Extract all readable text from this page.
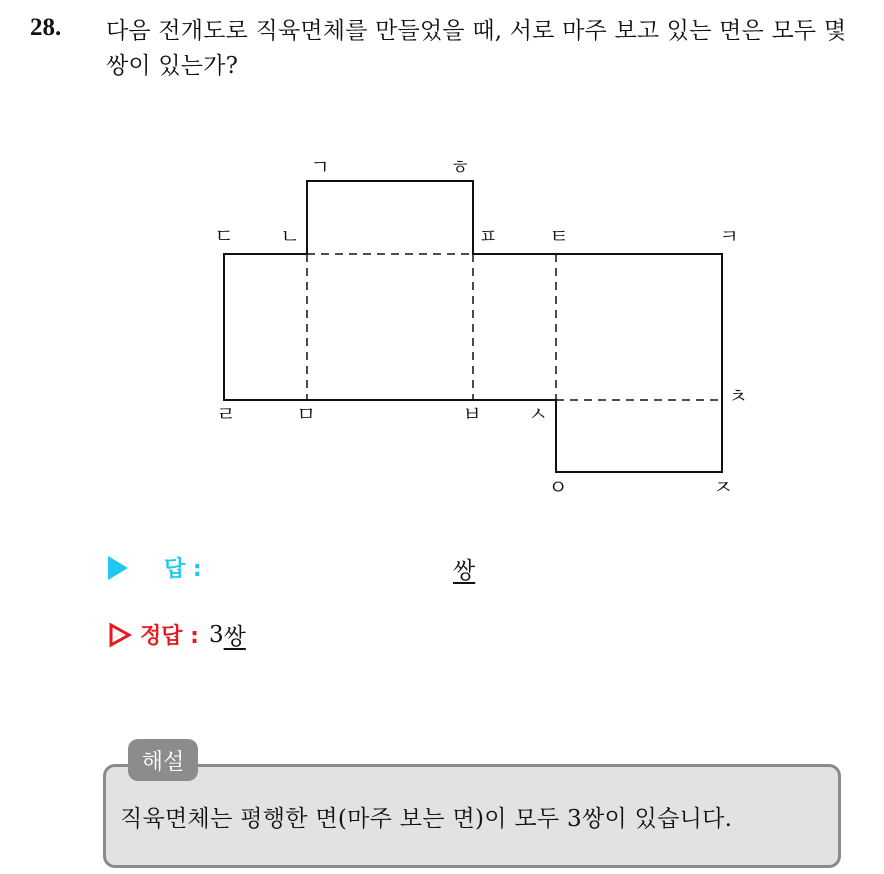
28. 다음 전개도로 직육면체를 만들었을 때, 서로 마주 보고 있는 면은 모두 몇 쌍이 있는가?
ㄱ	ㅎ
ㄷ ㄴ	ㅍ	ㅌ	ㅋ
ㄹ	ㅁ	ㅂ ㅅ
ㅊ
ㅇ	ㅈ
답 :	쌍
정답 : 3 쌍
해설
직육면체는 평행한 면(마주 보는 면)이 모두 3쌍이 있습니다.
